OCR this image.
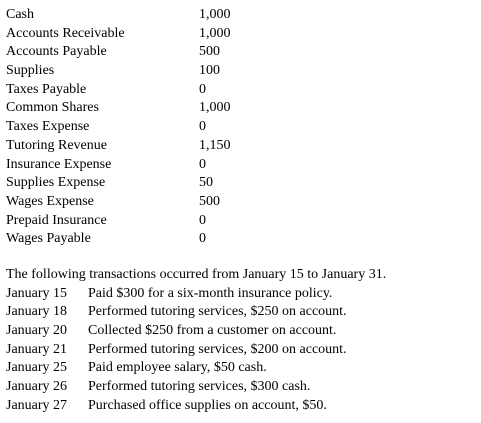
Cash	1,000
Accounts Receivable	1,000
Accounts Payable	500
Supplies	100
Taxes Payable	0
Common Shares	1,000
Taxes Expense	0
Tutoring Revenue	1,150
Insurance Expense	0
Supplies Expense	50
Wages Expense	500
Prepaid Insurance	0
Wages Payable	0
The following transactions occurred from January 15 to January 31.
January 15	Paid $300 for a six-month insurance policy.
January 18	Performed tutoring services, $250 on account.
January 20	Collected $250 from a customer on account.
January 21	Performed tutoring services, $200 on account.
January 25	Paid employee salary, $50 cash.
January 26	Performed tutoring services, $300 cash.
January 27	Purchased office supplies on account, $50.
